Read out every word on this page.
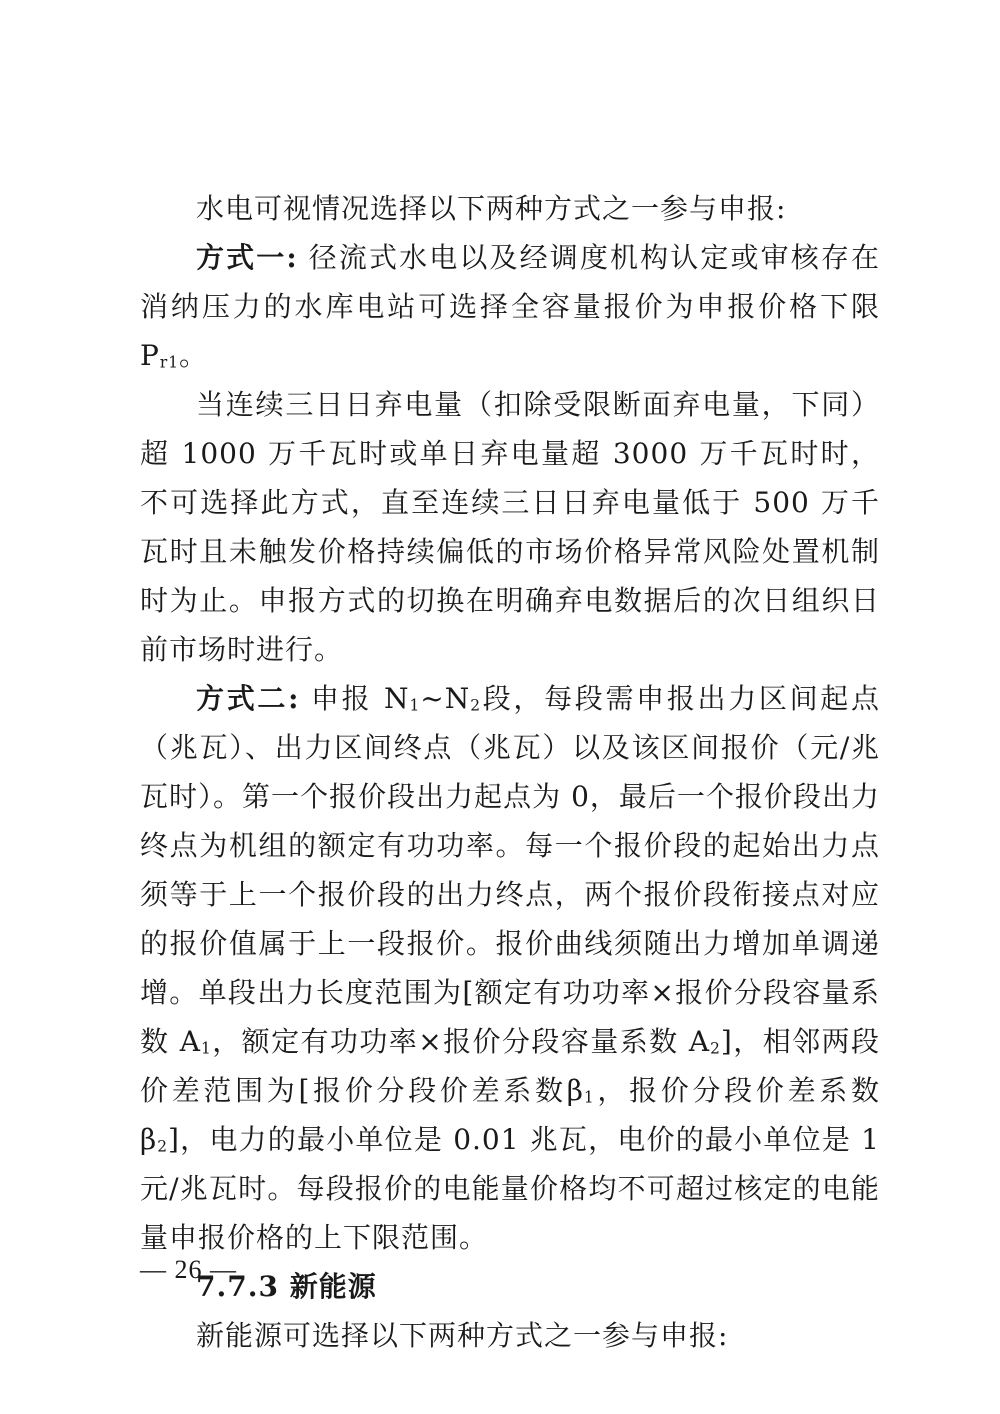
水电可视情况选择以下两种方式之一参与申报:

方式一: 径流式水电以及经调度机构认定或审核存在消纳压力的水库电站可选择全容量报价为申报价格下限 $P_{r1}$。

当连续三日日弃电量（扣除受限断面弃电量，下同）超 1000 万千瓦时或单日弃电量超 3000 万千瓦时时，不可选择此方式，直至连续三日日弃电量低于 500 万千瓦时且未触发价格持续偏低的市场价格异常风险处置机制时为止。申报方式的切换在明确弃电数据后的次日组织日前市场时进行。

方式二: 申报 $N_1\sim N_2$段，每段需申报出力区间起点（兆瓦）、出力区间终点（兆瓦）以及该区间报价（元/兆瓦时）。第一个报价段出力起点为 0，最后一个报价段出力终点为机组的额定有功功率。每一个报价段的起始出力点须等于上一个报价段的出力终点，两个报价段衔接点对应的报价值属于上一段报价。报价曲线须随出力增加单调递增。单段出力长度范围为[额定有功功率×报价分段容量系数 $A_1$，额定有功功率×报价分段容量系数 $A_2$]，相邻两段价差范围为[报价分段价差系数$\beta_1$，报价分段价差系数$\beta_2$]，电力的最小单位是 0.01 兆瓦，电价的最小单位是 1 元/兆瓦时。每段报价的电能量价格均不可超过核定的电能量申报价格的上下限范围。

7.7.3 新能源

新能源可选择以下两种方式之一参与申报:

— 26 —
